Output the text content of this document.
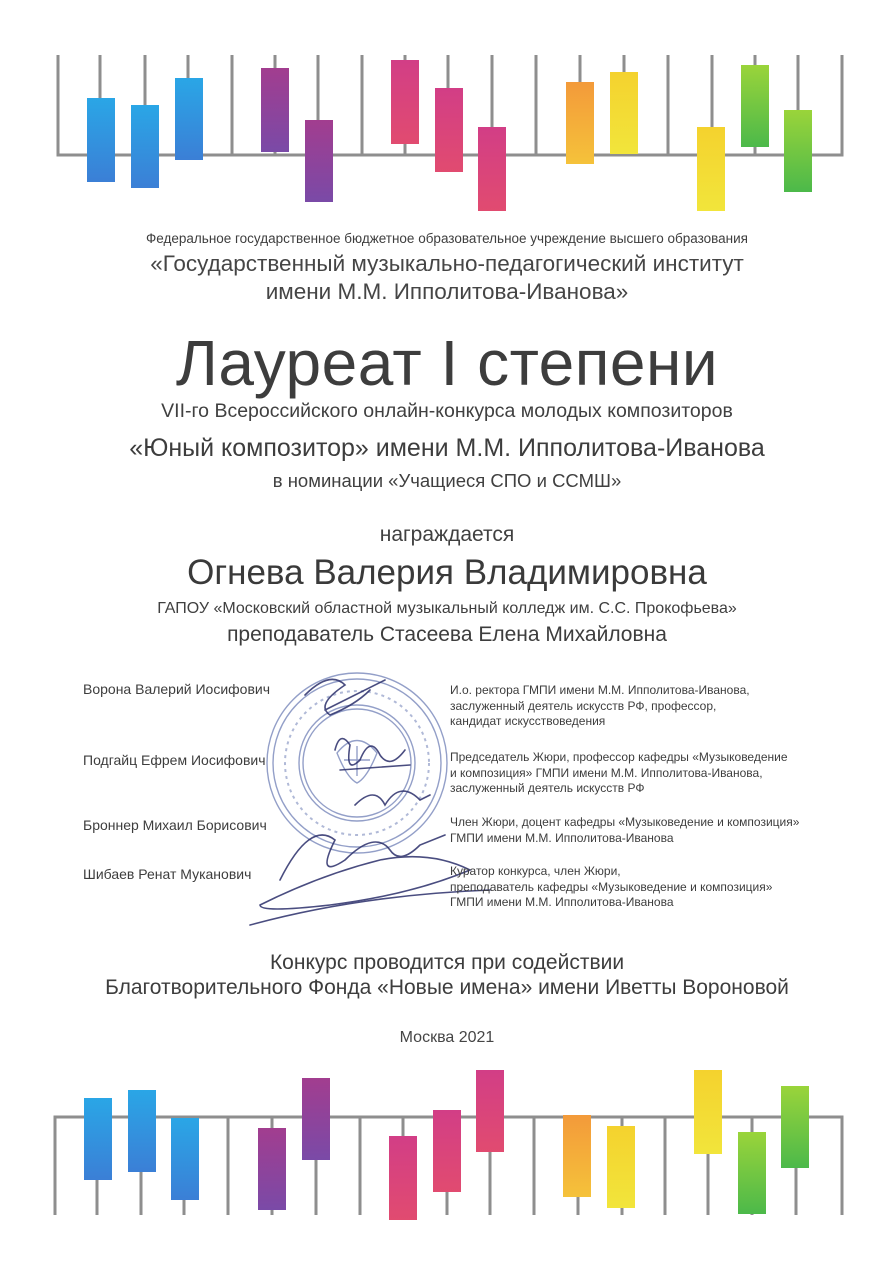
Федеральное государственное бюджетное образовательное учреждение высшего образования
«Государственный музыкально-педагогический институт
имени М.М. Ипполитова-Иванова»
Лауреат I степени
VII-го Всероссийского онлайн-конкурса молодых композиторов
«Юный композитор» имени М.М. Ипполитова-Иванова
в номинации «Учащиеся СПО и ССМШ»
награждается
Огнева Валерия Владимировна
ГАПОУ «Московский областной музыкальный колледж им. С.С. Прокофьева»
преподаватель Стасеева Елена Михайловна
Ворона Валерий Иосифович	И.о. ректора ГМПИ имени М.М. Ипполитова-Иванова,
заслуженный деятель искусств РФ, профессор,
кандидат искусствоведения
Подгайц Ефрем Иосифович	Председатель Жюри, профессор кафедры «Музыковедение
и композиция» ГМПИ имени М.М. Ипполитова-Иванова,
заслуженный деятель искусств РФ
Броннер Михаил Борисович	Член Жюри, доцент кафедры «Музыковедение и композиция»
ГМПИ имени М.М. Ипполитова-Иванова
Шибаев Ренат Муканович	Куратор конкурса, член Жюри,
преподаватель кафедры «Музыковедение и композиция»
ГМПИ имени М.М. Ипполитова-Иванова
Конкурс проводится при содействии
Благотворительного Фонда «Новые имена» имени Иветты Вороновой
Москва 2021
